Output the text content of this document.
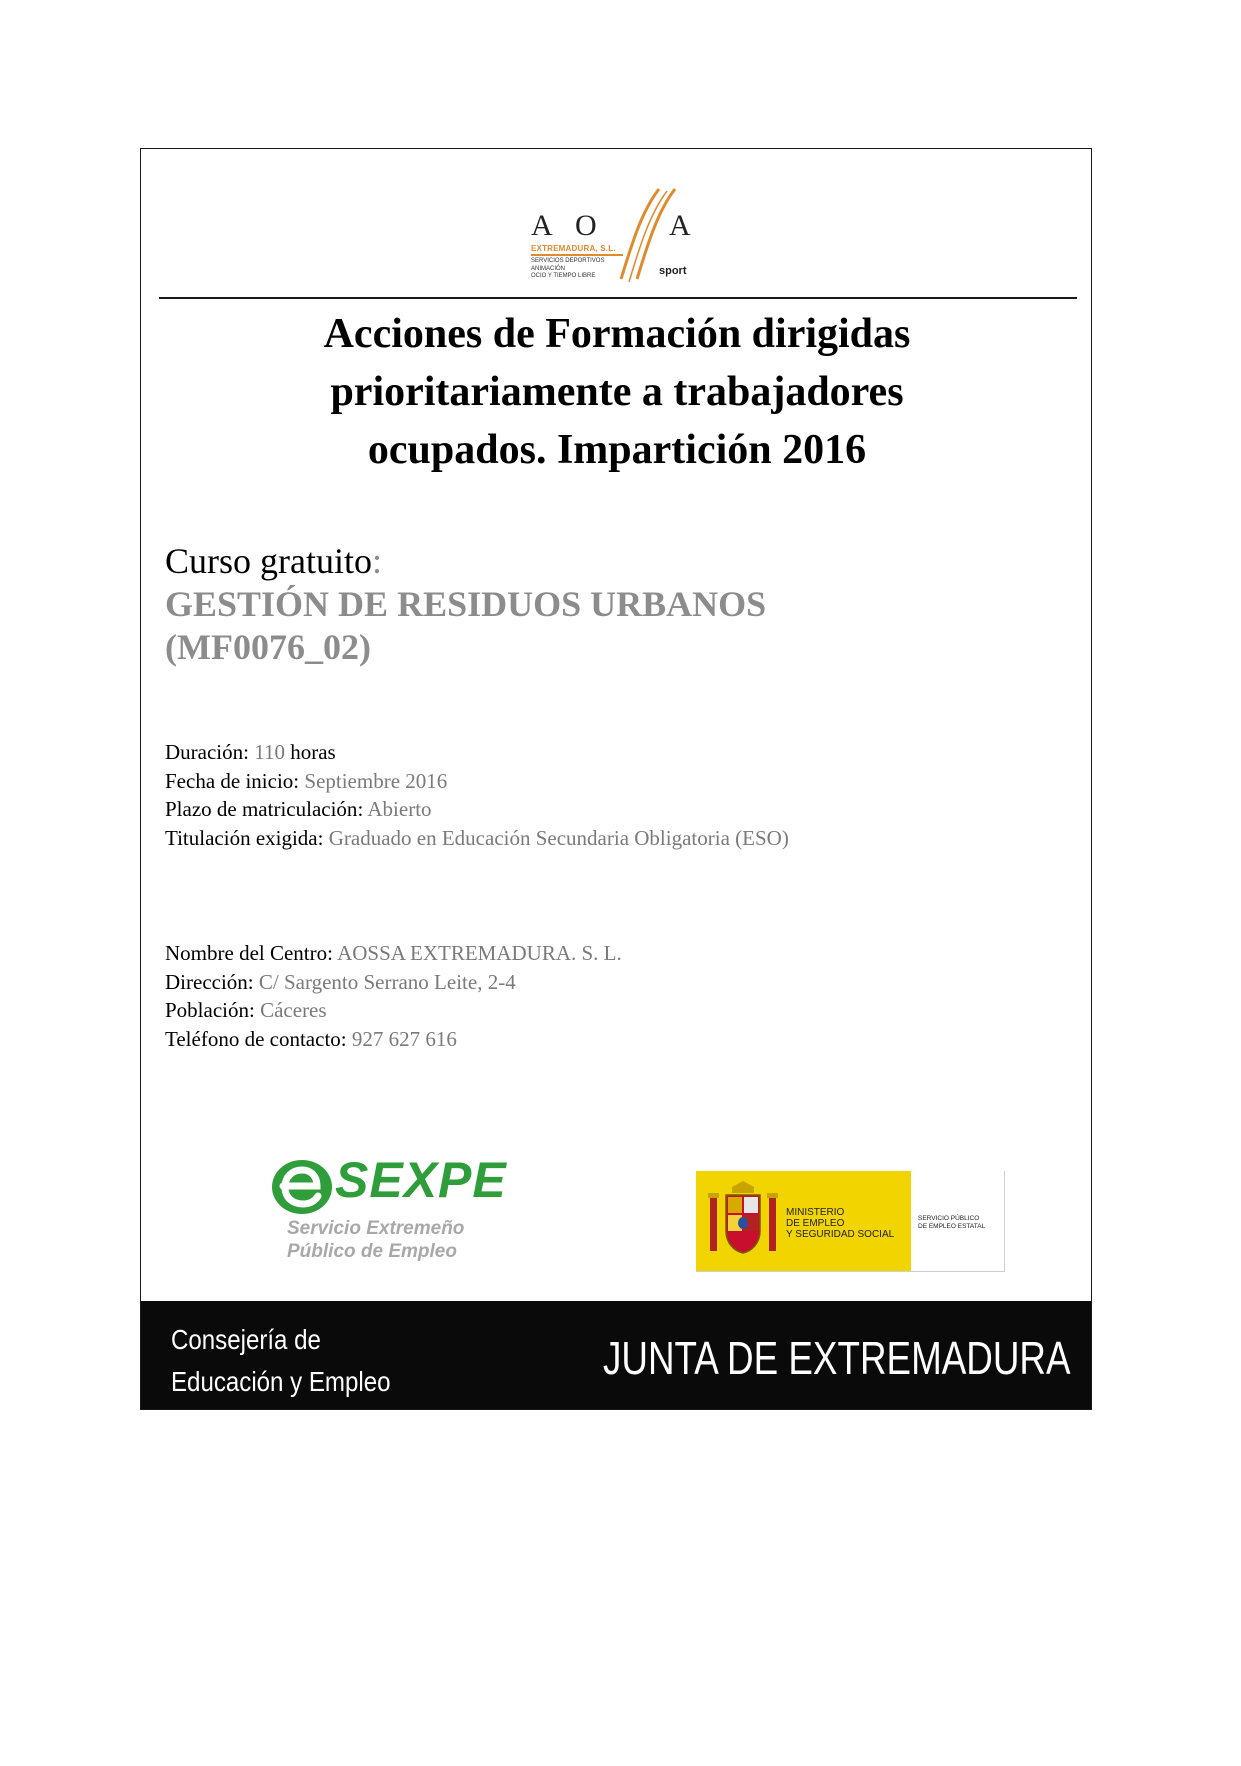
A O A
EXTREMADURA, S.L.
SERVICIOS DEPORTIVOS
ANIMACIÓN
OCIO Y TIEMPO LIBRE	sport
Acciones de Formación dirigidas
prioritariamente a trabajadores
ocupados. Impartición 2016
Curso gratuito:
GESTIÓN DE RESIDUOS URBANOS
(MF0076_02)
Duración: 110 horas
Fecha de inicio: Septiembre 2016
Plazo de matriculación: Abierto
Titulación exigida: Graduado en Educación Secundaria Obligatoria (ESO)
Nombre del Centro: AOSSA EXTREMADURA. S. L.
Dirección: C/ Sargento Serrano Leite, 2-4
Población: Cáceres
Teléfono de contacto: 927 627 616
SEXPE
Servicio Extremeño
Público de Empleo
MINISTERIO
DE EMPLEO
Y SEGURIDAD SOCIAL
SERVICIO PÚBLICO
DE EMPLEO ESTATAL
Consejería de
Educación y Empleo	JUNTA DE EXTREMADURA
